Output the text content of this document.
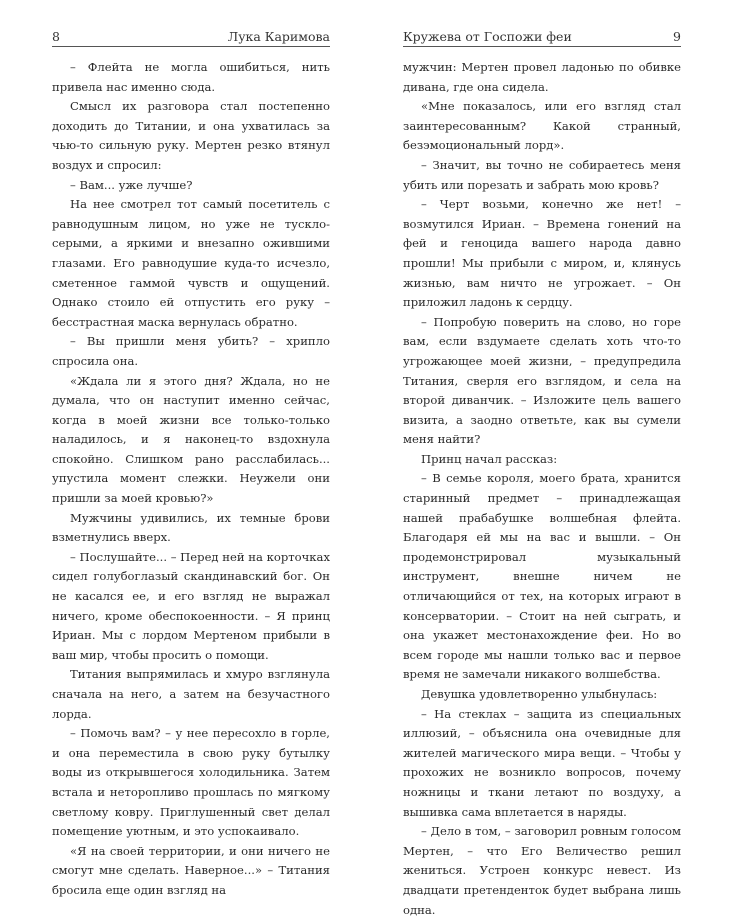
8	Лука Каримова

– Флейта не могла ошибиться, нить привела нас именно сюда.

Смысл их разговора стал постепенно доходить до Титании, и она ухватилась за чью-то сильную руку. Мертен резко втянул воздух и спросил:

– Вам... уже лучше?

На нее смотрел тот самый посетитель с равнодушным лицом, но уже не тускло-серыми, а яркими и внезапно ожившими глазами. Его равнодушие куда-то исчезло, сметенное гаммой чувств и ощущений. Однако стоило ей отпустить его руку – бесстрастная маска вернулась обратно.

– Вы пришли меня убить? – хрипло спросила она.

«Ждала ли я этого дня? Ждала, но не думала, что он наступит именно сейчас, когда в моей жизни все только-только наладилось, и я наконец-то вздохнула спокойно. Слишком рано расслабилась... упустила момент слежки. Неужели они пришли за моей кровью?»

Мужчины удивились, их темные брови взметнулись вверх.

– Послушайте... – Перед ней на корточках сидел голубоглазый скандинавский бог. Он не касался ее, и его взгляд не выражал ничего, кроме обеспокоенности. – Я принц Ириан. Мы с лордом Мертеном прибыли в ваш мир, чтобы просить о помощи.

Титания выпрямилась и хмуро взглянула сначала на него, а затем на безучастного лорда.

– Помочь вам? – у нее пересохло в горле, и она переместила в свою руку бутылку воды из открывшегося холодильника. Затем встала и неторопливо прошлась по мягкому светлому ковру. Приглушенный свет делал помещение уютным, и это успокаивало.

«Я на своей территории, и они ничего не смогут мне сделать. Наверное...» – Титания бросила еще один взгляд на

Кружева от Госпожи феи	9

мужчин: Мертен провел ладонью по обивке дивана, где она сидела.

«Мне показалось, или его взгляд стал заинтересованным? Какой странный, безэмоциональный лорд».

– Значит, вы точно не собираетесь меня убить или порезать и забрать мою кровь?

– Черт возьми, конечно же нет! – возмутился Ириан. – Времена гонений на фей и геноцида вашего народа давно прошли! Мы прибыли с миром, и, клянусь жизнью, вам ничто не угрожает. – Он приложил ладонь к сердцу.

– Попробую поверить на слово, но горе вам, если вздумаете сделать хоть что-то угрожающее моей жизни, – предупредила Титания, сверля его взглядом, и села на второй диванчик. – Изложите цель вашего визита, а заодно ответьте, как вы сумели меня найти?

Принц начал рассказ:

– В семье короля, моего брата, хранится старинный предмет – принадлежащая нашей прабабушке волшебная флейта. Благодаря ей мы на вас и вышли. – Он продемонстрировал музыкальный инструмент, внешне ничем не отличающийся от тех, на которых играют в консерватории. – Стоит на ней сыграть, и она укажет местонахождение феи. Но во всем городе мы нашли только вас и первое время не замечали никакого волшебства.

Девушка удовлетворенно улыбнулась:

– На стеклах – защита из специальных иллюзий, – объяснила она очевидные для жителей магического мира вещи. – Чтобы у прохожих не возникло вопросов, почему ножницы и ткани летают по воздуху, а вышивка сама вплетается в наряды.

– Дело в том, – заговорил ровным голосом Мертен, – что Его Величество решил жениться. Устроен конкурс невест. Из двадцати претенденток будет выбрана лишь одна.
